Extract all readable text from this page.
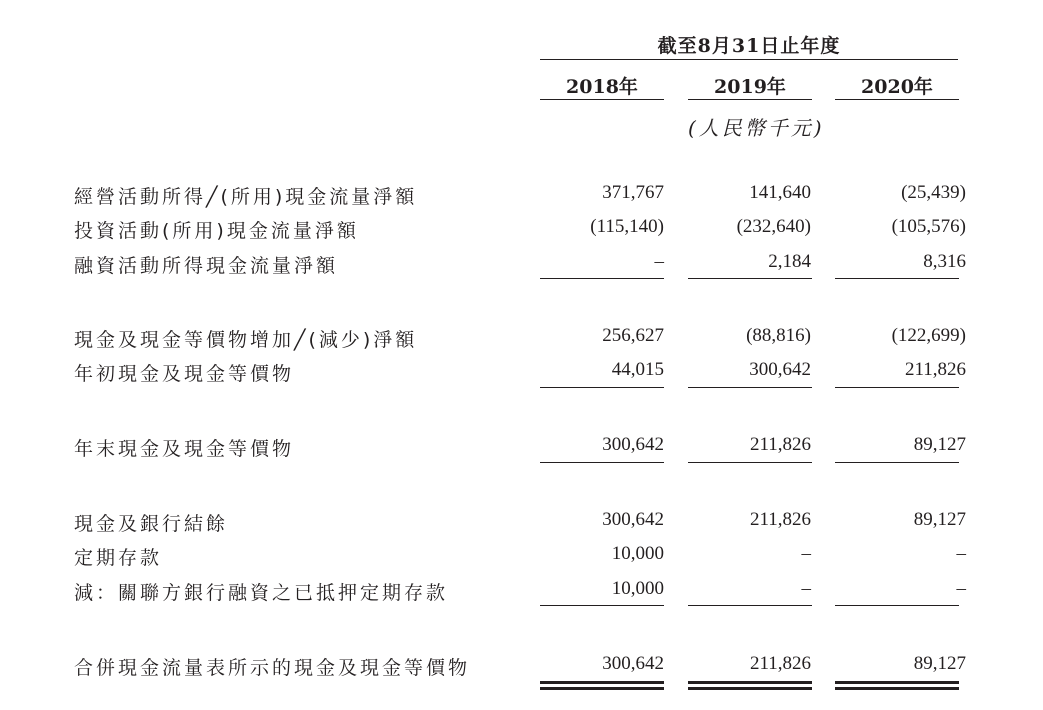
截至8月31日止年度
2018年	2019年	2020年
(人民幣千元)
經營活動所得╱(所用)現金流量淨額	371,767	141,640	(25,439)
投資活動(所用)現金流量淨額	(115,140)	(232,640)	(105,576)
融資活動所得現金流量淨額	–	2,184	8,316
現金及現金等價物增加╱(減少)淨額	256,627	(88,816)	(122,699)
年初現金及現金等價物	44,015	300,642	211,826
年末現金及現金等價物	300,642	211,826	89,127
現金及銀行結餘	300,642	211,826	89,127
定期存款	10,000	–	–
減：關聯方銀行融資之已抵押定期存款	10,000	–	–
合併現金流量表所示的現金及現金等價物	300,642	211,826	89,127
